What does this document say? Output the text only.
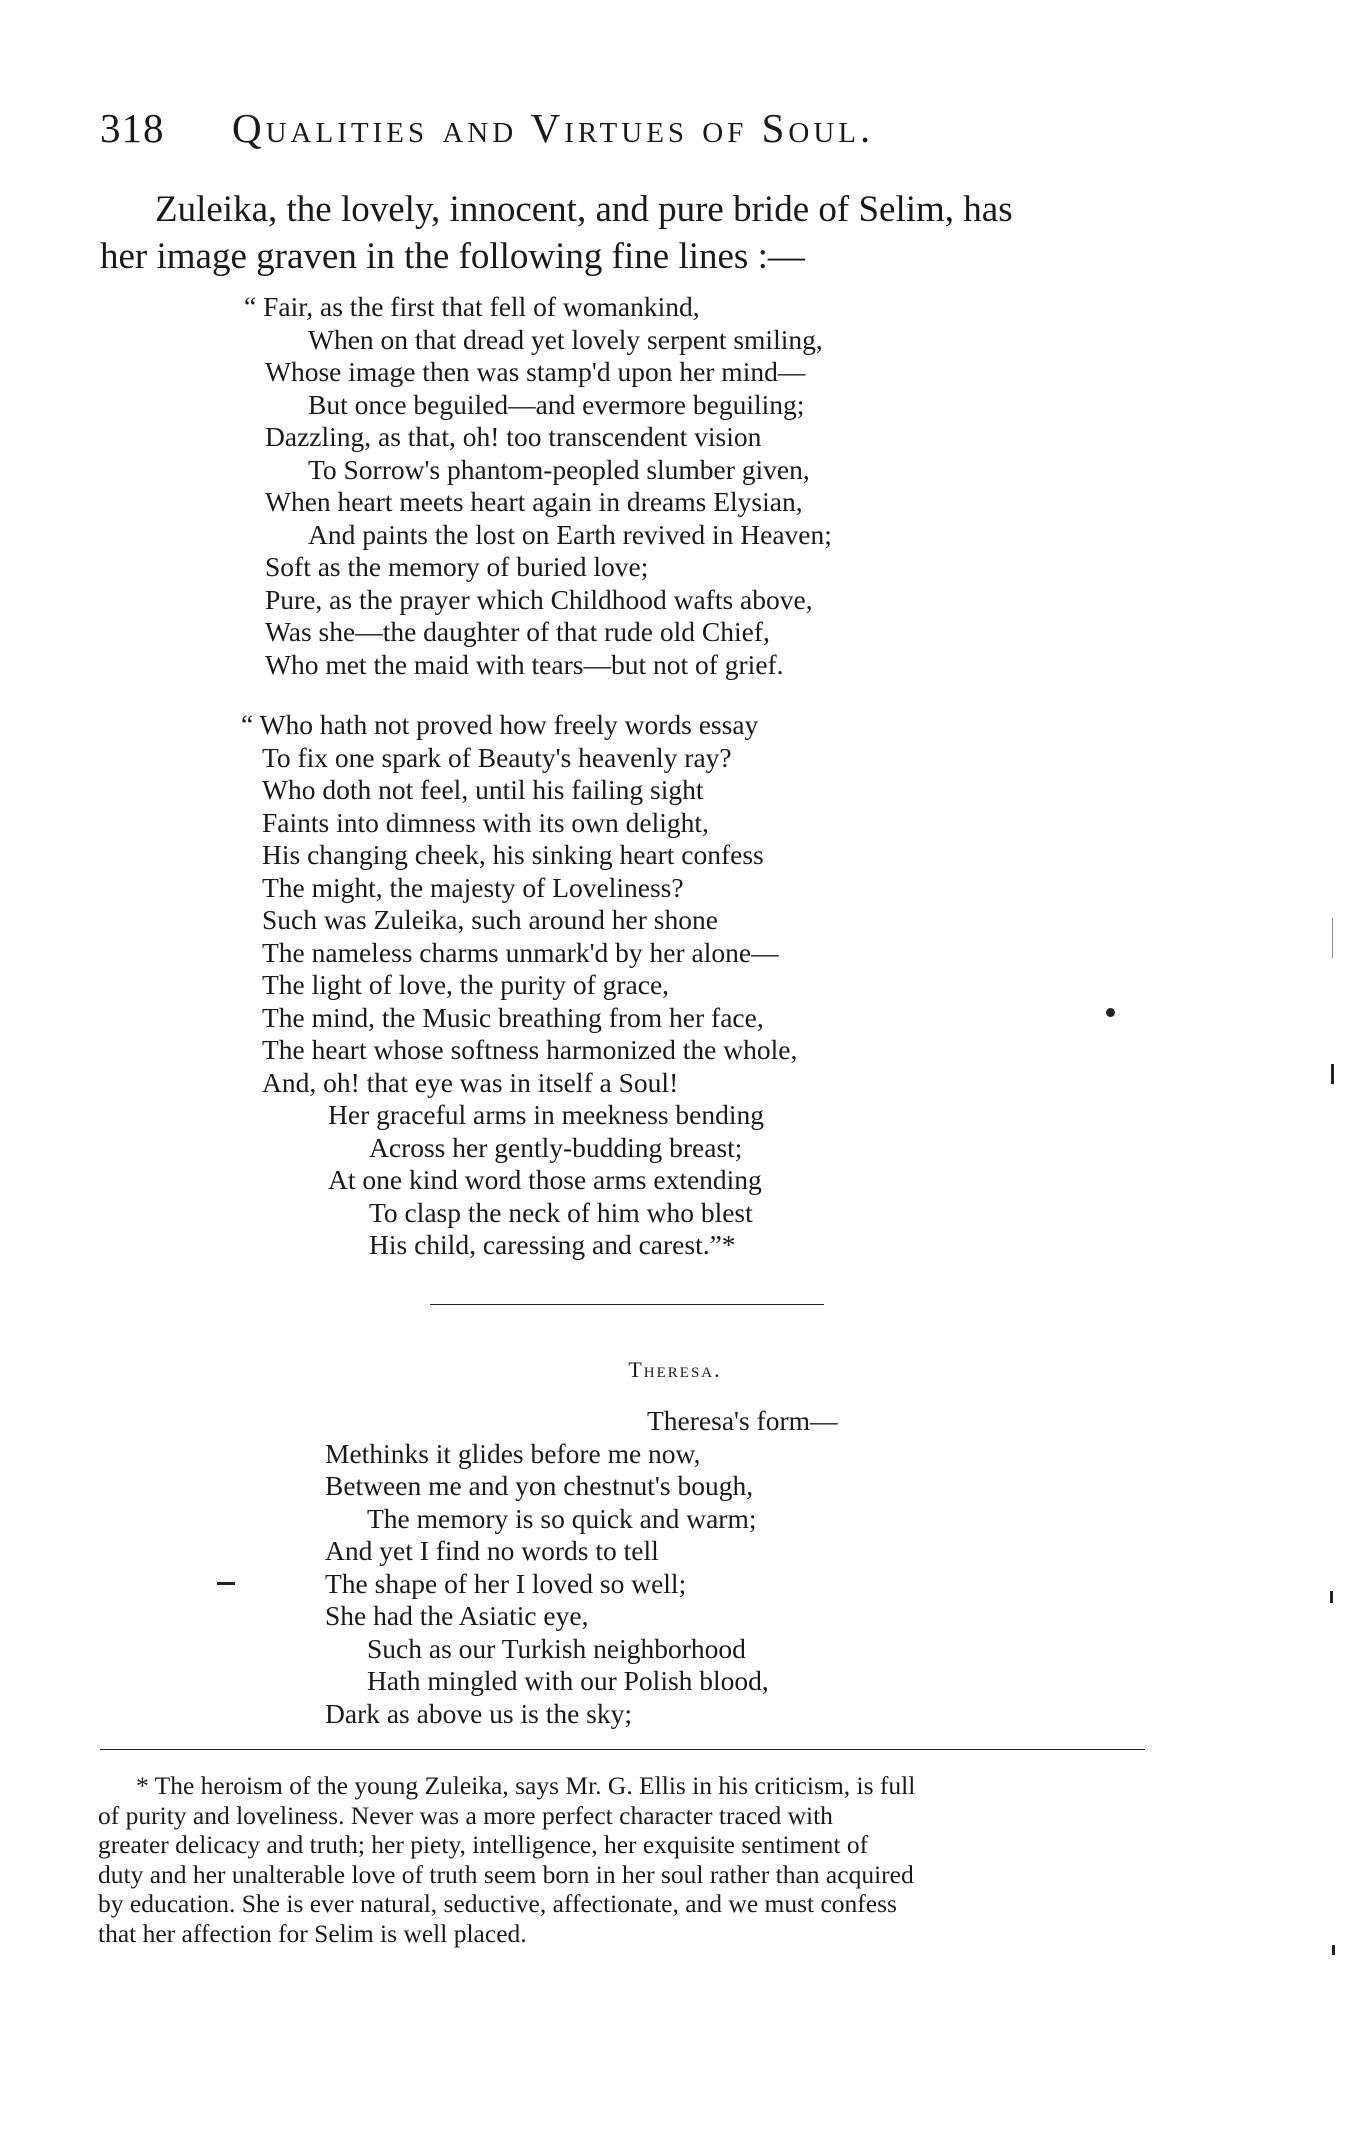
318 Qualities and Virtues of Soul.
Zuleika, the lovely, innocent, and pure bride of Selim, has
her image graven in the following fine lines :—
“ Fair, as the first that fell of womankind,
When on that dread yet lovely serpent smiling,
Whose image then was stamp'd upon her mind—
But once beguiled—and evermore beguiling;
Dazzling, as that, oh! too transcendent vision
To Sorrow's phantom-peopled slumber given,
When heart meets heart again in dreams Elysian,
And paints the lost on Earth revived in Heaven;
Soft as the memory of buried love;
Pure, as the prayer which Childhood wafts above,
Was she—the daughter of that rude old Chief,
Who met the maid with tears—but not of grief.
“ Who hath not proved how freely words essay
To fix one spark of Beauty's heavenly ray?
Who doth not feel, until his failing sight
Faints into dimness with its own delight,
His changing cheek, his sinking heart confess
The might, the majesty of Loveliness?
Such was Zuleika, such around her shone
The nameless charms unmark'd by her alone—
The light of love, the purity of grace,
The mind, the Music breathing from her face,
The heart whose softness harmonized the whole,
And, oh! that eye was in itself a Soul!
Her graceful arms in meekness bending
Across her gently-budding breast;
At one kind word those arms extending
To clasp the neck of him who blest
His child, caressing and carest.”*
Theresa.
Theresa's form—
Methinks it glides before me now,
Between me and yon chestnut's bough,
The memory is so quick and warm;
And yet I find no words to tell
The shape of her I loved so well;
She had the Asiatic eye,
Such as our Turkish neighborhood
Hath mingled with our Polish blood,
Dark as above us is the sky;
* The heroism of the young Zuleika, says Mr. G. Ellis in his criticism, is full
of purity and loveliness. Never was a more perfect character traced with
greater delicacy and truth; her piety, intelligence, her exquisite sentiment of
duty and her unalterable love of truth seem born in her soul rather than acquired
by education. She is ever natural, seductive, affectionate, and we must confess
that her affection for Selim is well placed.
